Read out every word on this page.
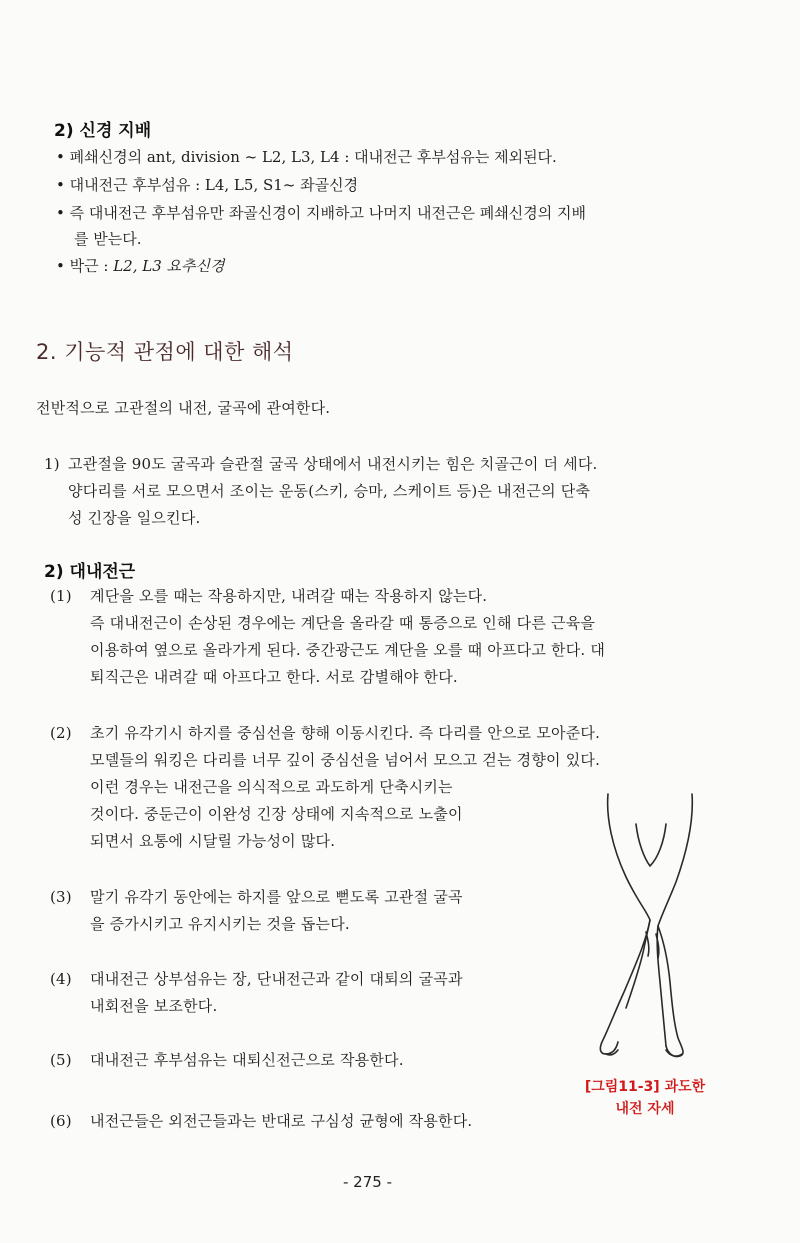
2) 신경 지배
• 폐쇄신경의 ant, division ~ L2, L3, L4 : 대내전근 후부섬유는 제외된다.
• 대내전근 후부섬유 : L4, L5, S1~ 좌골신경
• 즉 대내전근 후부섬유만 좌골신경이 지배하고 나머지 내전근은 폐쇄신경의 지배
를 받는다.
• 박근 : L2, L3 요추신경
2. 기능적 관점에 대한 해석
전반적으로 고관절의 내전, 굴곡에 관여한다.
1) 고관절을 90도 굴곡과 슬관절 굴곡 상태에서 내전시키는 힘은 치골근이 더 세다.
양다리를 서로 모으면서 조이는 운동(스키, 승마, 스케이트 등)은 내전근의 단축
성 긴장을 일으킨다.
2) 대내전근
(1) 계단을 오를 때는 작용하지만, 내려갈 때는 작용하지 않는다.
즉 대내전근이 손상된 경우에는 계단을 올라갈 때 통증으로 인해 다른 근육을
이용하여 옆으로 올라가게 된다. 중간광근도 계단을 오를 때 아프다고 한다. 대
퇴직근은 내려갈 때 아프다고 한다. 서로 감별해야 한다.
(2) 초기 유각기시 하지를 중심선을 향해 이동시킨다. 즉 다리를 안으로 모아준다.
모델들의 워킹은 다리를 너무 깊이 중심선을 넘어서 모으고 걷는 경향이 있다.
이런 경우는 내전근을 의식적으로 과도하게 단축시키는
것이다. 중둔근이 이완성 긴장 상태에 지속적으로 노출이
되면서 요통에 시달릴 가능성이 많다.
(3) 말기 유각기 동안에는 하지를 앞으로 뻗도록 고관절 굴곡
을 증가시키고 유지시키는 것을 돕는다.
(4) 대내전근 상부섬유는 장, 단내전근과 같이 대퇴의 굴곡과
내회전을 보조한다.
(5) 대내전근 후부섬유는 대퇴신전근으로 작용한다.
(6) 내전근들은 외전근들과는 반대로 구심성 균형에 작용한다.
[그림11-3] 과도한
내전 자세
- 275 -
